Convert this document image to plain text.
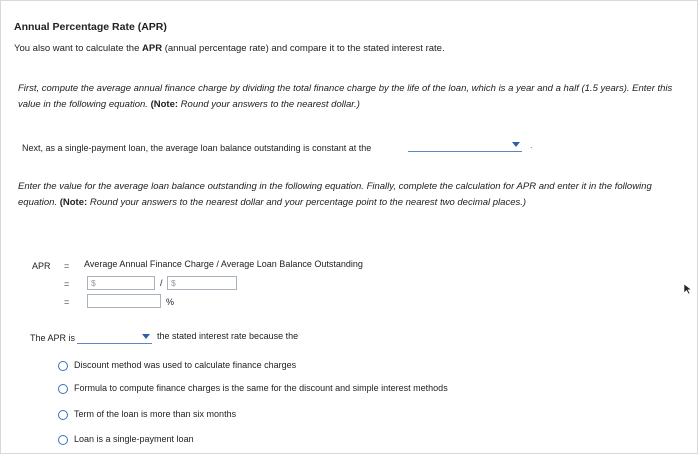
Annual Percentage Rate (APR)
You also want to calculate the APR (annual percentage rate) and compare it to the stated interest rate.
First, compute the average annual finance charge by dividing the total finance charge by the life of the loan, which is a year and a half (1.5 years). Enter this value in the following equation. (Note: Round your answers to the nearest dollar.)
Next, as a single-payment loan, the average loan balance outstanding is constant at the	.
Enter the value for the average loan balance outstanding in the following equation. Finally, complete the calculation for APR and enter it in the following equation. (Note: Round your answers to the nearest dollar and your percentage point to the nearest two decimal places.)
APR = Average Annual Finance Charge / Average Loan Balance Outstanding
=	$	/ $
=	%
The APR is	the stated interest rate because the
Discount method was used to calculate finance charges
Formula to compute finance charges is the same for the discount and simple interest methods
Term of the loan is more than six months
Loan is a single-payment loan
